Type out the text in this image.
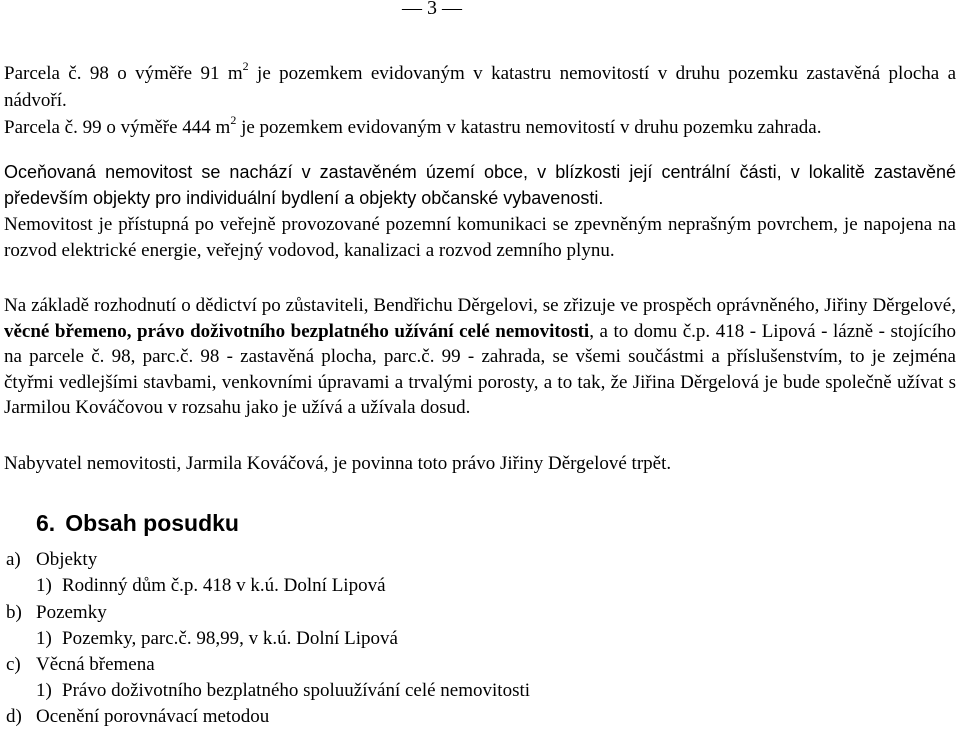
— 3 —

Parcela č. 98 o výměře 91 $m^2$ je pozemkem evidovaným v katastru nemovitostí v druhu pozemku zastavěná plocha a nádvoří.

Parcela č. 99 o výměře 444 $m^2$ je pozemkem evidovaným v katastru nemovitostí v druhu pozemku zahrada.

Oceňovaná nemovitost se nachází v zastavěném území obce, v blízkosti její centrální části, v lokalitě zastavěné především objekty pro individuální bydlení a objekty občanské vybavenosti.
Nemovitost je přístupná po veřejně provozované pozemní komunikaci se zpevněným neprašným povrchem, je napojena na rozvod elektrické energie, veřejný vodovod, kanalizaci a rozvod zemního plynu.
Na základě rozhodnutí o dědictví po zůstaviteli, Bendřichu Děrgelovi, se zřizuje ve prospěch oprávněného, Jiřiny Děrgelové, věcné břemeno, právo doživotního bezplatného užívání celé nemovitosti, a to domu č.p. 418 - Lipová - lázně - stojícího na parcele č. 98, parc.č. 98 - zastavěná plocha, parc.č. 99 - zahrada, se všemi součástmi a příslušenstvím, to je zejména čtyřmi vedlejšími stavbami, venkovními úpravami a trvalými porosty, a to tak, že Jiřina Děrgelová je bude společně užívat s Jarmilou Kováčovou v rozsahu jako je užívá a užívala dosud.
Nabyvatel nemovitosti, Jarmila Kováčová, je povinna toto právo Jiřiny Děrgelové trpět.
6. Obsah posudku
a) Objekty
1) Rodinný dům č.p. 418 v k.ú. Dolní Lipová
b) Pozemky
1) Pozemky, parc.č. 98,99, v k.ú. Dolní Lipová
c) Věcná břemena
1) Právo doživotního bezplatného spoluužívání celé nemovitosti
d) Ocenění porovnávací metodou
